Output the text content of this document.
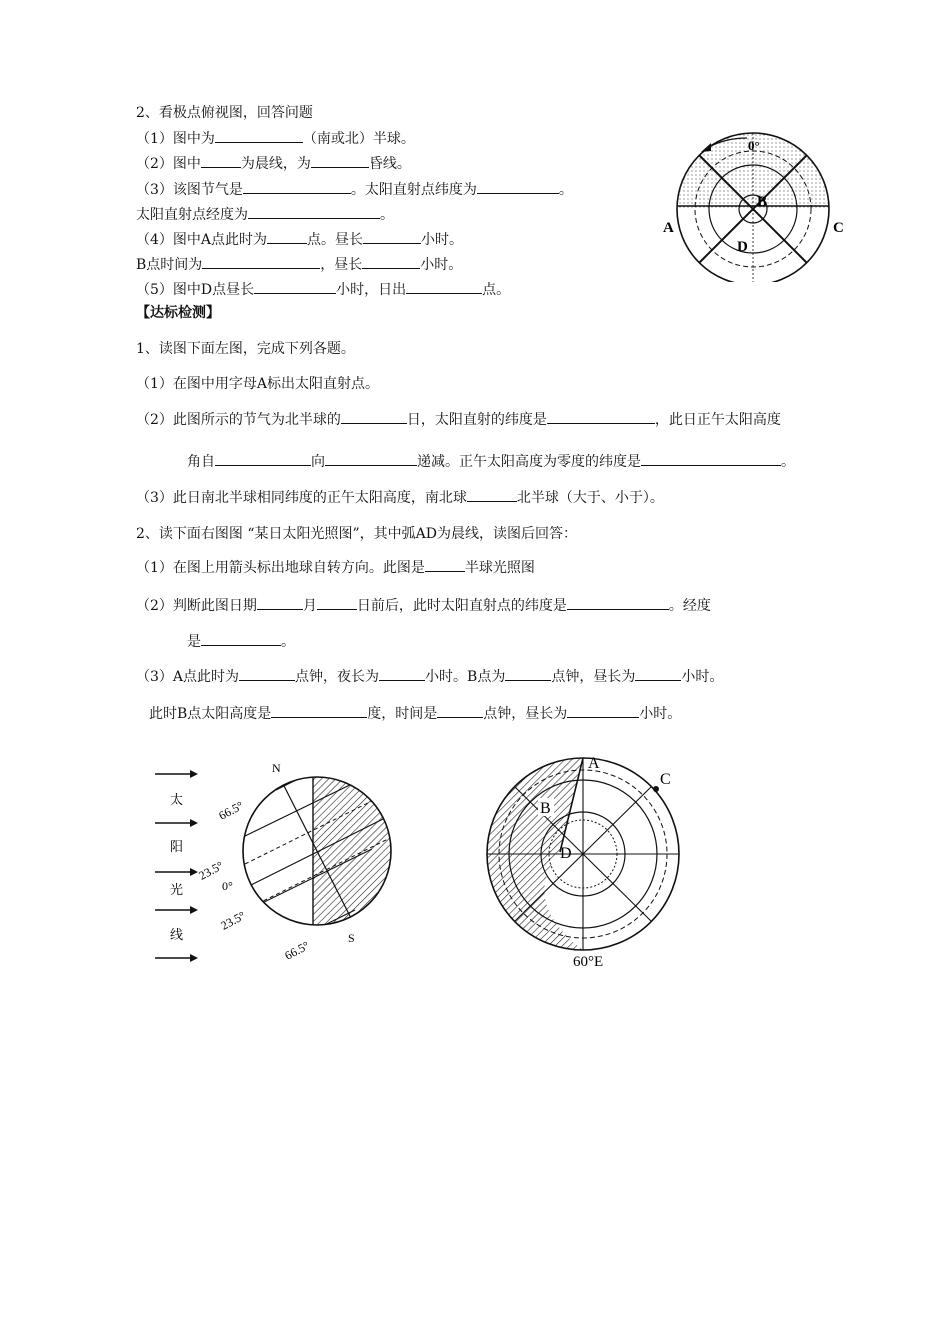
2、看极点俯视图，回答问题
（1）图中为	（南或北）半球。
（2）图中	为晨线，为	昏线。
（3）该图节气是	。太阳直射点纬度为	。
太阳直射点经度为	。
（4）图中A点此时为	点。昼长	小时。
B点时间为	，昼长	小时。
（5）图中D点昼长	小时，日出	点。
【达标检测】
1、读图下面左图，完成下列各题。
（1）在图中用字母A标出太阳直射点。
（2）此图所示的节气为北半球的	日，太阳直射的纬度是	，此日正午太阳高度
角自	向	递减。正午太阳高度为零度的纬度是	。
（3）此日南北半球相同纬度的正午太阳高度，南北球	北半球（大于、小于）。
2、读下面右图图 “某日太阳光照图”，其中弧AD为晨线，读图后回答：
（1）在图上用箭头标出地球自转方向。此图是	半球光照图
（2）判断此图日期	月	日前后，此时太阳直射点的纬度是	。经度
是	。
（3）A点此时为	点钟，夜长为	小时。B点为	点钟，昼长为	小时。
此时B点太阳高度是	度，时间是	点钟，昼长为	小时。
0°
A
B
C
D
太
阳
光
线
N
S
66.5°
23.5°
0°
23.5°
66.5°
A
B
C
D
60°E
